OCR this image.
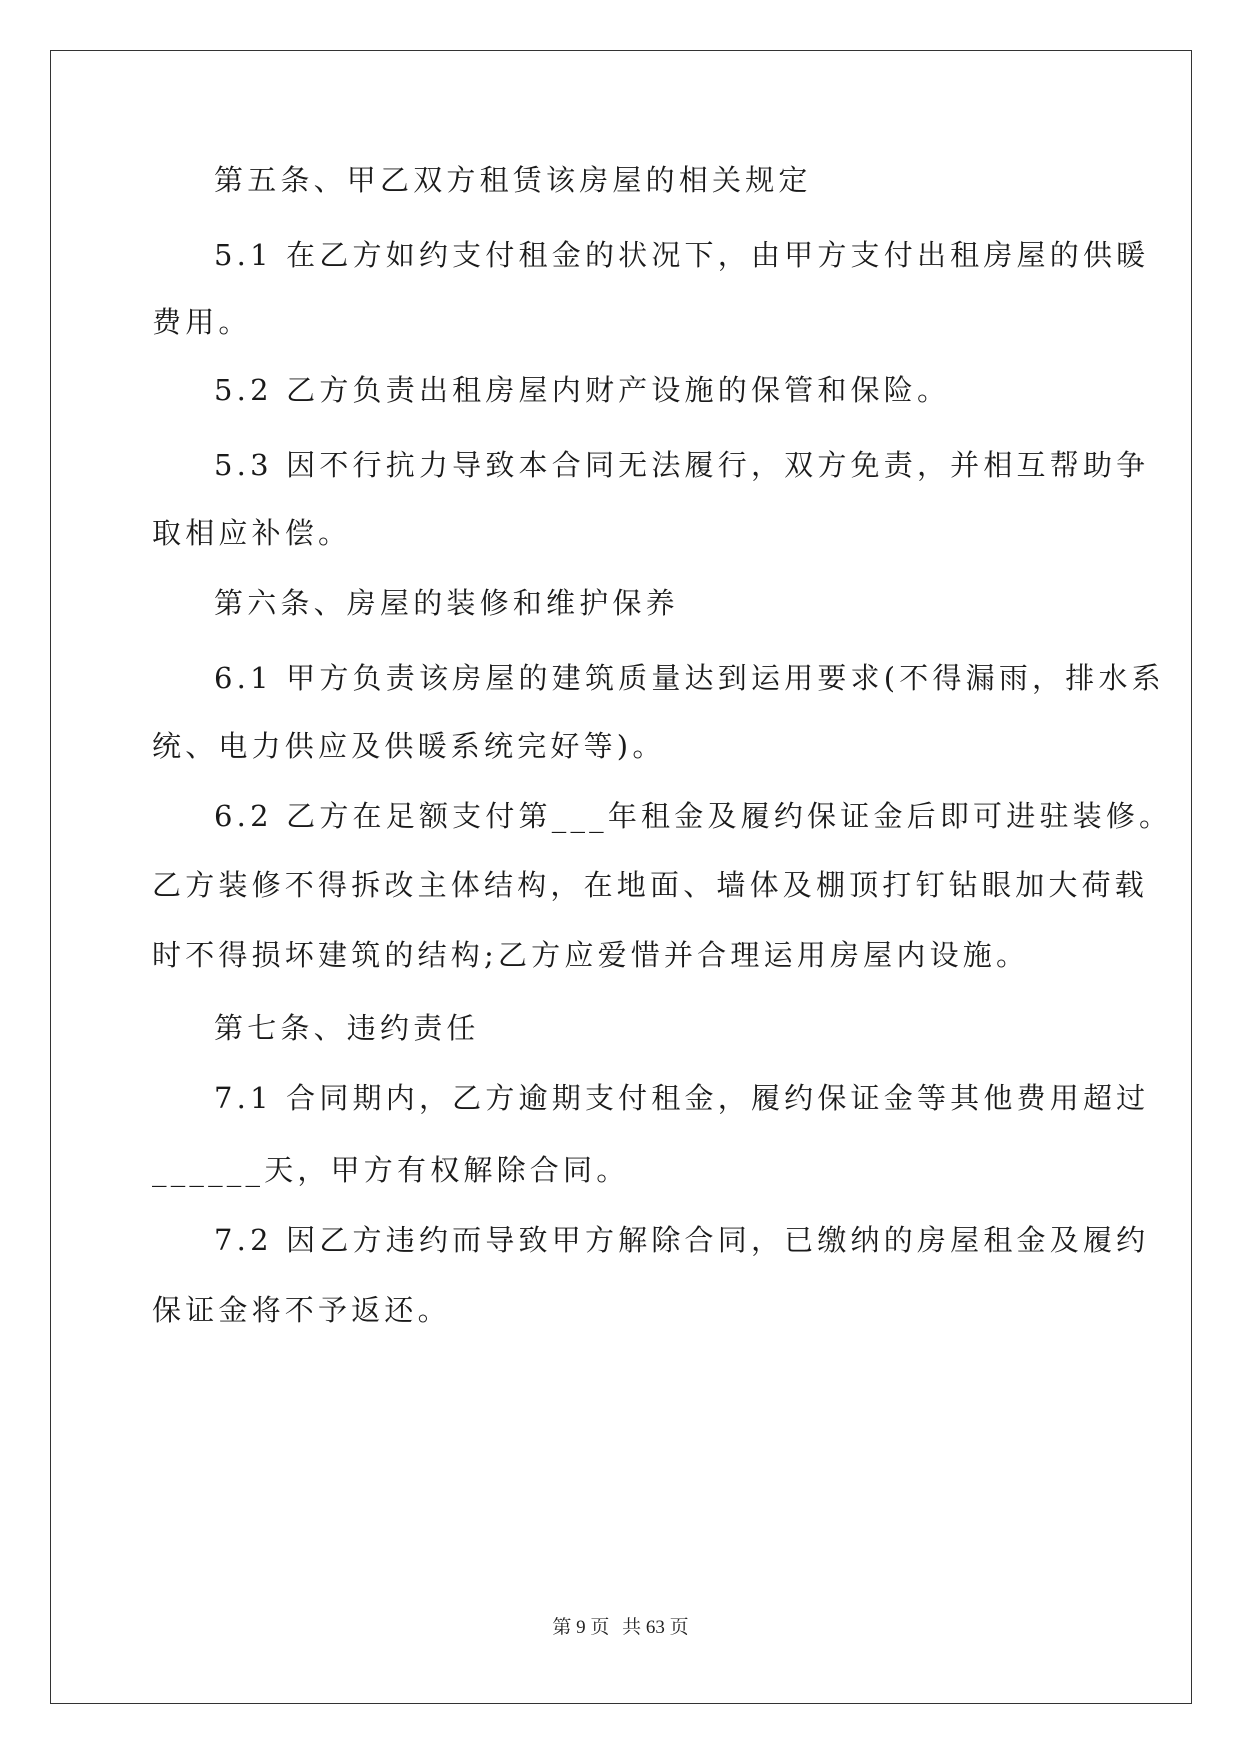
第五条、甲乙双方租赁该房屋的相关规定
5.1 在乙方如约支付租金的状况下，由甲方支付出租房屋的供暖
费用。
5.2 乙方负责出租房屋内财产设施的保管和保险。
5.3 因不行抗力导致本合同无法履行，双方免责，并相互帮助争
取相应补偿。
第六条、房屋的装修和维护保养
6.1 甲方负责该房屋的建筑质量达到运用要求(不得漏雨，排水系
统、电力供应及供暖系统完好等)。
6.2 乙方在足额支付第___年租金及履约保证金后即可进驻装修。
乙方装修不得拆改主体结构，在地面、墙体及棚顶打钉钻眼加大荷载
时不得损坏建筑的结构;乙方应爱惜并合理运用房屋内设施。
第七条、违约责任
7.1 合同期内，乙方逾期支付租金，履约保证金等其他费用超过
______天，甲方有权解除合同。
7.2 因乙方违约而导致甲方解除合同，已缴纳的房屋租金及履约
保证金将不予返还。
第 9 页 共 63 页
